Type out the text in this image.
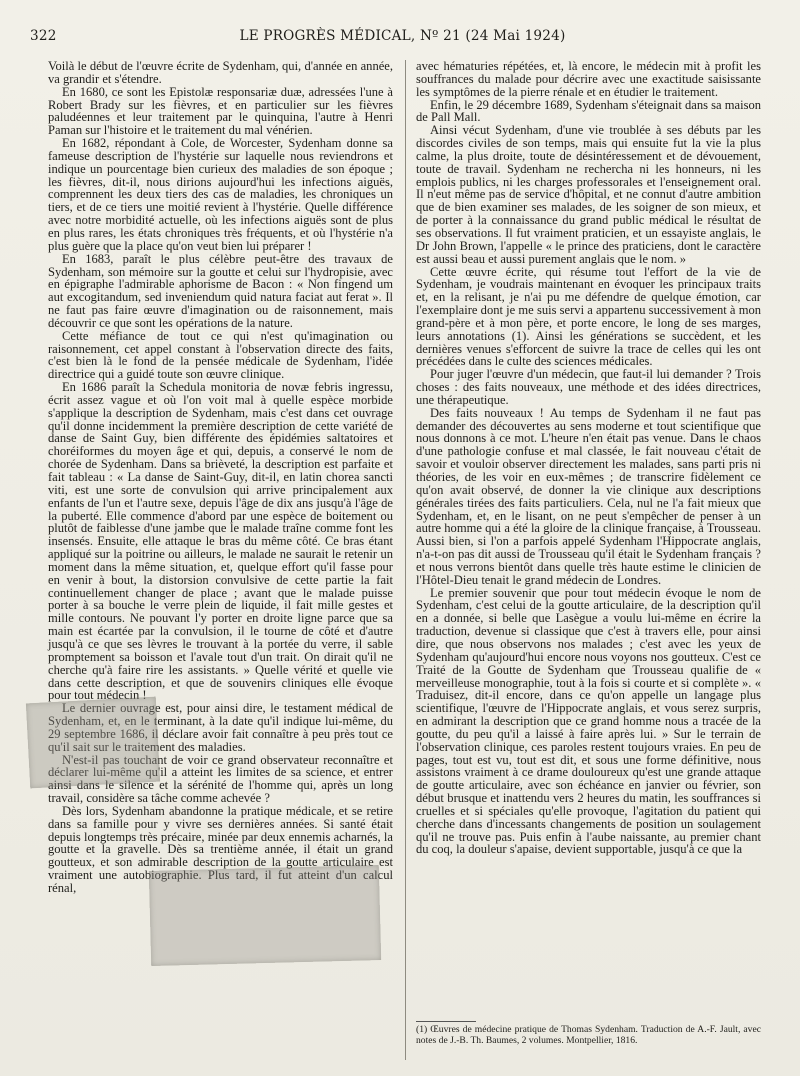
322	LE PROGRÈS MÉDICAL, Nº 21 (24 Mai 1924)

Voilà le début de l'œuvre écrite de Sydenham, qui, d'année en année, va grandir et s'étendre.

En 1680, ce sont les Epistolæ responsariæ duæ, adressées l'une à Robert Brady sur les fièvres, et en particulier sur les fièvres paludéennes et leur traitement par le quinquina, l'autre à Henri Paman sur l'histoire et le traitement du mal vénérien.

En 1682, répondant à Cole, de Worcester, Sydenham donne sa fameuse description de l'hystérie sur laquelle nous reviendrons et indique un pourcentage bien curieux des maladies de son époque ; les fièvres, dit-il, nous dirions aujourd'hui les infections aiguës, comprennent les deux tiers des cas de maladies, les chroniques un tiers, et de ce tiers une moitié revient à l'hystérie. Quelle différence avec notre morbidité actuelle, où les infections aiguës sont de plus en plus rares, les états chroniques très fréquents, et où l'hystérie n'a plus guère que la place qu'on veut bien lui préparer !

En 1683, paraît le plus célèbre peut-être des travaux de Sydenham, son mémoire sur la goutte et celui sur l'hydropisie, avec en épigraphe l'admirable aphorisme de Bacon : « Non fingend um aut excogitandum, sed inveniendum quid natura faciat aut ferat ». Il ne faut pas faire œuvre d'imagination ou de raisonnement, mais découvrir ce que sont les opérations de la nature.

Cette méfiance de tout ce qui n'est qu'imagination ou raisonnement, cet appel constant à l'observation directe des faits, c'est bien là le fond de la pensée médicale de Sydenham, l'idée directrice qui a guidé toute son œuvre clinique.

En 1686 paraît la Schedula monitoria de novæ febris ingressu, écrit assez vague et où l'on voit mal à quelle espèce morbide s'applique la description de Sydenham, mais c'est dans cet ouvrage qu'il donne incidemment la première description de cette variété de danse de Saint Guy, bien différente des épidémies saltatoires et choréiformes du moyen âge et qui, depuis, a conservé le nom de chorée de Sydenham. Dans sa brièveté, la description est parfaite et fait tableau : « La danse de Saint-Guy, dit-il, en latin chorea sancti viti, est une sorte de convulsion qui arrive principalement aux enfants de l'un et l'autre sexe, depuis l'âge de dix ans jusqu'à l'âge de la puberté. Elle commence d'abord par une espèce de boitement ou plutôt de faiblesse d'une jambe que le malade traîne comme font les insensés. Ensuite, elle attaque le bras du même côté. Ce bras étant appliqué sur la poitrine ou ailleurs, le malade ne saurait le retenir un moment dans la même situation, et, quelque effort qu'il fasse pour en venir à bout, la distorsion convulsive de cette partie la fait continuellement changer de place ; avant que le malade puisse porter à sa bouche le verre plein de liquide, il fait mille gestes et mille contours. Ne pouvant l'y porter en droite ligne parce que sa main est écartée par la convulsion, il le tourne de côté et d'autre jusqu'à ce que ses lèvres le trouvant à la portée du verre, il sable promptement sa boisson et l'avale tout d'un trait. On dirait qu'il ne cherche qu'à faire rire les assistants. » Quelle vérité et quelle vie dans cette description, et que de souvenirs cliniques elle évoque pour tout médecin !

Le dernier ouvrage est, pour ainsi dire, le testament médical de Sydenham, et, en le terminant, à la date qu'il indique lui-même, du 29 septembre 1686, il déclare avoir fait connaître à peu près tout ce qu'il sait sur le traitement des maladies.

N'est-il pas touchant de voir ce grand observateur reconnaître et déclarer lui-même qu'il a atteint les limites de sa science, et entrer ainsi dans le silence et la sérénité de l'homme qui, après un long travail, considère sa tâche comme achevée ?

Dès lors, Sydenham abandonne la pratique médicale, et se retire dans sa famille pour y vivre ses dernières années. Si santé était depuis longtemps très précaire, minée par deux ennemis acharnés, la goutte et la gravelle. Dès sa trentième année, il était un grand goutteux, et son admirable description de la goutte articulaire est vraiment une autobiographie. Plus tard, il fut atteint d'un calcul rénal,

avec hématuries répétées, et, là encore, le médecin mit à profit les souffrances du malade pour décrire avec une exactitude saisissante les symptômes de la pierre rénale et en étudier le traitement.

Enfin, le 29 décembre 1689, Sydenham s'éteignait dans sa maison de Pall Mall.

Ainsi vécut Sydenham, d'une vie troublée à ses débuts par les discordes civiles de son temps, mais qui ensuite fut la vie la plus calme, la plus droite, toute de désintéressement et de dévouement, toute de travail. Sydenham ne rechercha ni les honneurs, ni les emplois publics, ni les charges professorales et l'enseignement oral. Il n'eut même pas de service d'hôpital, et ne connut d'autre ambition que de bien examiner ses malades, de les soigner de son mieux, et de porter à la connaissance du grand public médical le résultat de ses observations. Il fut vraiment praticien, et un essayiste anglais, le Dr John Brown, l'appelle « le prince des praticiens, dont le caractère est aussi beau et aussi purement anglais que le nom. »

Cette œuvre écrite, qui résume tout l'effort de la vie de Sydenham, je voudrais maintenant en évoquer les principaux traits et, en la relisant, je n'ai pu me défendre de quelque émotion, car l'exemplaire dont je me suis servi a appartenu successivement à mon grand-père et à mon père, et porte encore, le long de ses marges, leurs annotations (1). Ainsi les générations se succèdent, et les dernières venues s'efforcent de suivre la trace de celles qui les ont précédées dans le culte des sciences médicales.

Pour juger l'œuvre d'un médecin, que faut-il lui demander ? Trois choses : des faits nouveaux, une méthode et des idées directrices, une thérapeutique.

Des faits nouveaux ! Au temps de Sydenham il ne faut pas demander des découvertes au sens moderne et tout scientifique que nous donnons à ce mot. L'heure n'en était pas venue. Dans le chaos d'une pathologie confuse et mal classée, le fait nouveau c'était de savoir et vouloir observer directement les malades, sans parti pris ni théories, de les voir en eux-mêmes ; de transcrire fidèlement ce qu'on avait observé, de donner la vie clinique aux descriptions générales tirées des faits particuliers. Cela, nul ne l'a fait mieux que Sydenham, et, en le lisant, on ne peut s'empêcher de penser à un autre homme qui a été la gloire de la clinique française, à Trousseau. Aussi bien, si l'on a parfois appelé Sydenham l'Hippocrate anglais, n'a-t-on pas dit aussi de Trousseau qu'il était le Sydenham français ? et nous verrons bientôt dans quelle très haute estime le clinicien de l'Hôtel-Dieu tenait le grand médecin de Londres.

Le premier souvenir que pour tout médecin évoque le nom de Sydenham, c'est celui de la goutte articulaire, de la description qu'il en a donnée, si belle que Lasègue a voulu lui-même en écrire la traduction, devenue si classique que c'est à travers elle, pour ainsi dire, que nous observons nos malades ; c'est avec les yeux de Sydenham qu'aujourd'hui encore nous voyons nos goutteux. C'est ce Traité de la Goutte de Sydenham que Trousseau qualifie de « merveilleuse monographie, tout à la fois si courte et si complète ». « Traduisez, dit-il encore, dans ce qu'on appelle un langage plus scientifique, l'œuvre de l'Hippocrate anglais, et vous serez surpris, en admirant la description que ce grand homme nous a tracée de la goutte, du peu qu'il a laissé à faire après lui. » Sur le terrain de l'observation clinique, ces paroles restent toujours vraies. En peu de pages, tout est vu, tout est dit, et sous une forme définitive, nous assistons vraiment à ce drame douloureux qu'est une grande attaque de goutte articulaire, avec son échéance en janvier ou février, son début brusque et inattendu vers 2 heures du matin, les souffrances si cruelles et si spéciales qu'elle provoque, l'agitation du patient qui cherche dans d'incessants changements de position un soulagement qu'il ne trouve pas. Puis enfin à l'aube naissante, au premier chant du coq, la douleur s'apaise, devient supportable, jusqu'à ce que la

(1) Œuvres de médecine pratique de Thomas Sydenham. Traduction de A.-F. Jault, avec notes de J.-B. Th. Baumes, 2 volumes. Montpellier, 1816.
